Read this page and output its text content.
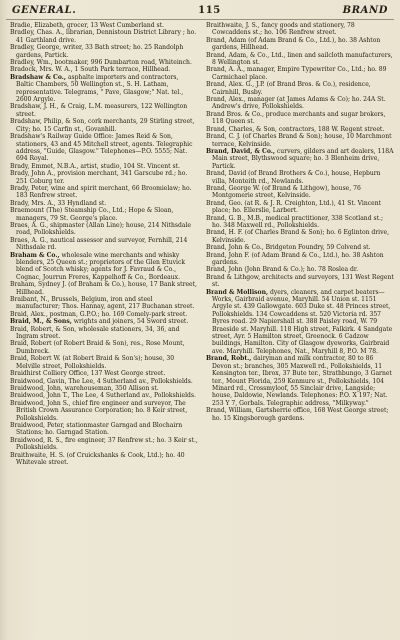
GENERAL.	115	BRAND

Bradie, Elizabeth, grocer, 13 West Cumberland st.

Bradley, Chas. A., librarian, Dennistoun District Library ; ho. 41 Garthland drive.

Bradley, George, writer, 33 Bath street; ho. 25 Randolph gardens, Partick.

Bradley, Wm., bootmaker, 996 Dumbarton road, Whiteinch.

Bradock, Mrs. W. A., 1 South Park terrace, Hillhead.

Bradshaw & Co., asphalte importers and contractors, Baltic Chambers, 50 Wellington st., S. H. Latham, representative. Telegrams, " Pave, Glasgow;" Nat. tel., 2600 Argyle.

Bradshaw, J. H., & Craig, L.M. measurers, 122 Wellington street.

Bradshaw, Philip, & Son, cork merchants, 29 Stirling street, City; ho. 15 Carfin st., Govanhill.

Bradshaw's Railway Guide Office: James Reid & Son, stationers, 43 and 45 Mitchell street, agents. Telegraphic address, "Guide, Glasgow." Telephones—P.O. 5555; Nat. 694 Royal.

Brady, Emmet, N.B.A., artist, studio, 104 St. Vincent st.

Brady, John A., provision merchant, 341 Garscube rd.; ho. 251 Coburg ter.

Brady, Peter, wine and spirit merchant, 66 Broomielaw; ho. 183 Renfrew street.

Brady, Mrs. A., 33 Hyndland st.

Braemount (The) Steamship Co., Ltd.; Hope & Sloan, managers, 79 St. George's place.

Braes, A. G., shipmaster (Allan Line); house, 214 Nithsdale road, Pollokshields.

Braes, A. G., nautical assessor and surveyor, Fernhill, 214 Nithsdale rd.

Braham & Co., wholesale wine merchants and whisky blenders, 25 Queen st.; proprietors of the Glen Etuvick blend of Scotch whisky; agents for J. Favraud & Co., Cognac, Jourrun Freres, Kappelhoff & Co., Bordeaux.

Braham, Sydney J. (of Braham & Co.), house, 17 Bank street, Hillhead.

Braibant, N., Brussels, Belgium, iron and steel manufacturer; Thos. Hannay, agent, 217 Buchanan street.

Braid, Alex., postman, G.P.O.; ho. 169 Comely-park street.

Braid, M., & Sons, wrights and joiners, 54 Sword street.

Braid, Robert, & Son, wholesale stationers, 34, 36, and Ingram street.

Braid, Robert (of Robert Braid & Son), res., Rose Mount, Dumbreck.

Braid, Robert W. (at Robert Braid & Son's); house, 30 Melville street, Pollokshields.

Braidhirst Colliery Office, 137 West George street.

Braidwood, Gavin, The Lee, 4 Sutherland av., Pollokshields.

Braidwood, John, warehouseman, 350 Allison st.

Braidwood, John T., The Lee, 4 Sutherland av., Pollokshields.

Braidwood, John S., chief fire engineer and surveyor, The British Crown Assurance Corporation; ho. 8 Keir street, Pollokshields.

Braidwood, Peter, stationmaster Garngad and Blochairn Stations; ho. Garngad Station.

Braidwood, R. S., fire engineer, 37 Renfrew st.; ho. 3 Keir st., Pollokshields.

Braithwaite, H. S. (of Cruickshanks & Cook, Ltd.); ho. 40 Whitevale street.

Braithwaite, J. S., fancy goods and stationery, 78 Cowcaddens st.; ho. 106 Renfrew street.

Brand, Adam (of Adam Brand & Co., Ltd.), ho. 38 Ashton gardens, Hillhead.

Brand, Adam, & Co., Ltd., linen and sailcloth manufacturers, 8 Wellington st.

Brand, A. A., manager, Empire Typewriter Co., Ltd.; ho. 89 Carmichael place.

Brand, Alex. G., J.P. (of Brand Bros. & Co.), residence, Cairnhill, Busby.

Brand, Alex., manager (at James Adams & Co); ho. 24A St. Andrew's drive, Pollokshields.

Brand Bros. & Co., produce merchants and sugar brokers, 118 Queen st.

Brand, Charles, & Son, contractors, 188 W. Regent street.

Brand, C. J. (of Charles Brand & Son); house, 10 Marchmont terrace, Kelvinside.

Brand, David, & Co., curvers, gilders and art dealers, 118A Main street, Blythswood square; ho. 3 Blenheim drive, Partick.

Brand, David (of Brand Brothers & Co.), house, Hepburn villa, Monteith rd., Newlands.

Brand, George W. (of Brand & Lithgow), house, 76 Montgomerie street, Kelvinside.

Brand, Geo. (at R. & J. R. Creighton, Ltd.), 41 St. Vincent place; ho. Ellerslie, Larbert.

Brand, G. B., M.B., medical practitioner, 338 Scotland st.; ho. 348 Maxwell rd., Pollokshields.

Brand, H. F. (of Charles Brand & Son); ho. 6 Eglinton drive, Kelvinside.

Brand, John & Co., Bridgeton Foundry, 59 Colvend st.

Brand, John F. (of Adam Brand & Co., Ltd.), ho. 38 Ashton gardens.

Brand, John (John Brand & Co.); ho. 78 Roslea dr.

Brand & Lithgow, architects and surveyors, 131 West Regent st.

Brand & Mollison, dyers, cleaners, and carpet beaters— Works, Gairbraid avenue, Maryhill. 54 Union st. 1151 Argyle st. 439 Gallowgate. 603 Duke st. 48 Princes street, Pollokshields. 134 Cowcaddens st. 520 Victoria rd. 357 Byres road. 29 Napiershall st. 388 Paisley road, W. 79 Braeside st. Maryhill. 118 High street, Falkirk. 4 Sandgate street, Ayr. 5 Hamilton street, Greenock. 6 Cadzow buildings, Hamilton. City of Glasgow dyeworks, Gairbraid ave. Maryhill. Telephones, Nat., Maryhill 8, P.O. M 78.

Brand, Robt., dairyman and milk contractor, 80 to 86 Devon st.; branches, 305 Maxwell rd., Pollokshields, 11 Kensington ter., Ibrox, 37 Bute ter., Strathbungo, 3 Garnet ter., Mount Florida, 259 Kenmure st., Pollokshields, 104 Minard rd., Crossmyloof, 55 Sinclair drive, Langside; house, Daldowie, Newlands. Telephones: P.O. X 197; Nat. 253 Y 7, Gorbals. Telegraphic address, "Milkyway."

Brand, William, Gartsherrie office, 168 West George street; ho. 15 Kingsborough gardens.
